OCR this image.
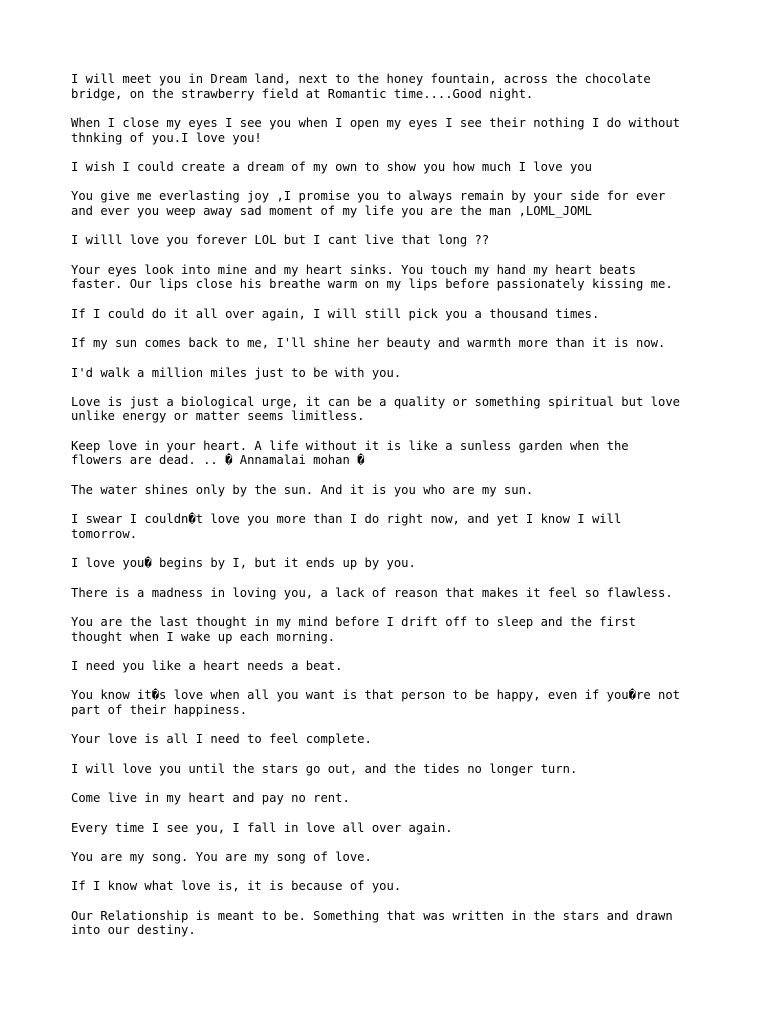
I will meet you in Dream land, next to the honey fountain, across the chocolate
bridge, on the strawberry field at Romantic time....Good night.

When I close my eyes I see you when I open my eyes I see their nothing I do without
thnking of you.I love you!

I wish I could create a dream of my own to show you how much I love you

You give me everlasting joy ,I promise you to always remain by your side for ever
and ever you weep away sad moment of my life you are the man ,LOML_JOML

I willl love you forever LOL but I cant live that long ??

Your eyes look into mine and my heart sinks. You touch my hand my heart beats
faster. Our lips close his breathe warm on my lips before passionately kissing me.

If I could do it all over again, I will still pick you a thousand times.

If my sun comes back to me, I'll shine her beauty and warmth more than it is now.

I'd walk a million miles just to be with you.

Love is just a biological urge, it can be a quality or something spiritual but love
unlike energy or matter seems limitless.

Keep love in your heart. A life without it is like a sunless garden when the
flowers are dead. .. � Annamalai mohan �

The water shines only by the sun. And it is you who are my sun.

I swear I couldn�t love you more than I do right now, and yet I know I will
tomorrow.

I love you� begins by I, but it ends up by you.

There is a madness in loving you, a lack of reason that makes it feel so flawless.

You are the last thought in my mind before I drift off to sleep and the first
thought when I wake up each morning.

I need you like a heart needs a beat.

You know it�s love when all you want is that person to be happy, even if you�re not
part of their happiness.

Your love is all I need to feel complete.

I will love you until the stars go out, and the tides no longer turn.

Come live in my heart and pay no rent.

Every time I see you, I fall in love all over again.

You are my song. You are my song of love.

If I know what love is, it is because of you.

Our Relationship is meant to be. Something that was written in the stars and drawn
into our destiny.
